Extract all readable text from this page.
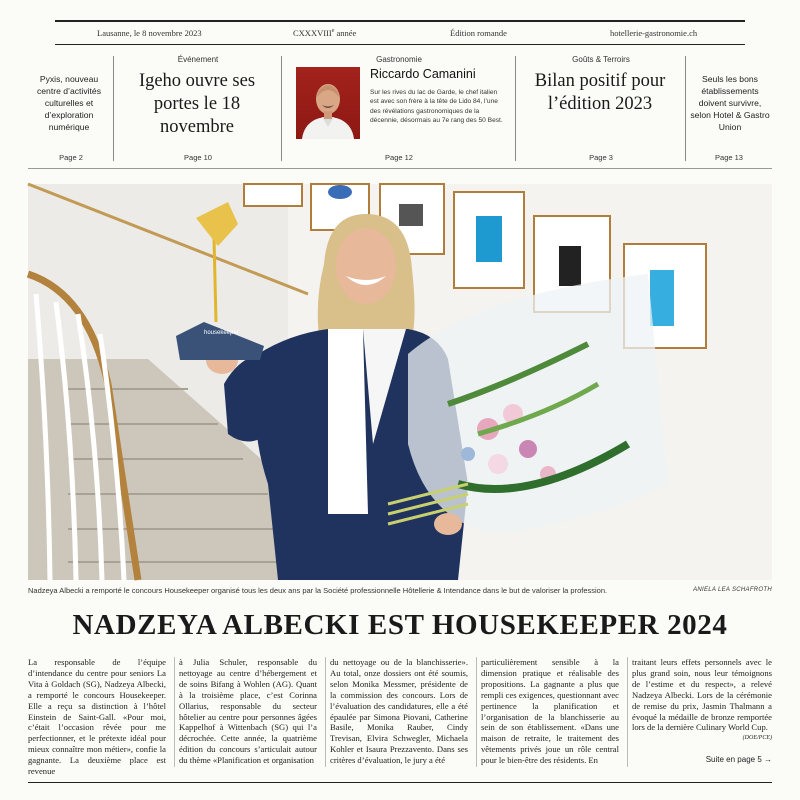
Lausanne, le 8 novembre 2023	CXXXVIIIe année	Édition romande	hotellerie-gastronomie.ch
Pyxis, nouveau centre d’activités culturelles et d’exploration numérique
Page 2
Événement
Igeho ouvre ses portes le 18 novembre
Page 10
Gastronomie
Riccardo Camanini
Sur les rives du lac de Garde, le chef italien est avec son frère à la tête de Lido 84, l’une des révélations gastronomiques de la décennie, désormais au 7e rang des 50 Best.
Page 12
Goûts & Terroirs
Bilan positif pour l’édition 2023
Page 3
Seuls les bons établissements doivent survivre, selon Hotel & Gastro Union
Page 13
housekeeper
Nadzeya Albecki a remporté le concours Housekeeper organisé tous les deux ans par la Société professionnelle Hôtellerie & Intendance dans le but de valoriser la profession.	ANIELA LEA SCHAFROTH
NADZEYA ALBECKI EST HOUSEKEEPER 2024
La responsable de l’équipe d’intendance du centre pour seniors La Vita à Goldach (SG), Nadzeya Albecki, a remporté le concours Housekeeper. Elle a reçu sa distinction à l’hôtel Einstein de Saint-Gall. «Pour moi, c’était l’occasion rêvée pour me perfectionner, et le prétexte idéal pour mieux connaître mon métier», confie la gagnante. La deuxième place est revenue
à Julia Schuler, responsable du nettoyage au centre d’hébergement et de soins Bifang à Wohlen (AG). Quant à la troisième place, c’est Corinna Ollarius, responsable du secteur hôtelier au centre pour personnes âgées Kappelhof à Wittenbach (SG) qui l’a décrochée. Cette année, la quatrième édition du concours s’articulait autour du thème «Planification et organisation
du nettoyage ou de la blanchisserie». Au total, onze dossiers ont été soumis, selon Monika Messmer, présidente de la commission des concours. Lors de l’évaluation des candidatures, elle a été épaulée par Simona Piovani, Catherine Basile, Monika Rauber, Cindy Trevisan, Elvira Schwegler, Michaela Kohler et Isaura Prezzavento. Dans ses critères d’évaluation, le jury a été
particulièrement sensible à la dimension pratique et réalisable des propositions. La gagnante a plus que rempli ces exigences, questionnant avec pertinence la planification et l’organisation de la blanchisserie au sein de son établissement. «Dans une maison de retraite, le traitement des vêtements privés joue un rôle central pour le bien-être des résidents. En
traitant leurs effets personnels avec le plus grand soin, nous leur témoignons de l’estime et du respect», a relevé Nadzeya Albecki. Lors de la cérémonie de remise du prix, Jasmin Thalmann a évoqué la médaille de bronze remportée lors de la dernière Culinary World Cup.
(DOE/PCE)
Suite en page 5 →
